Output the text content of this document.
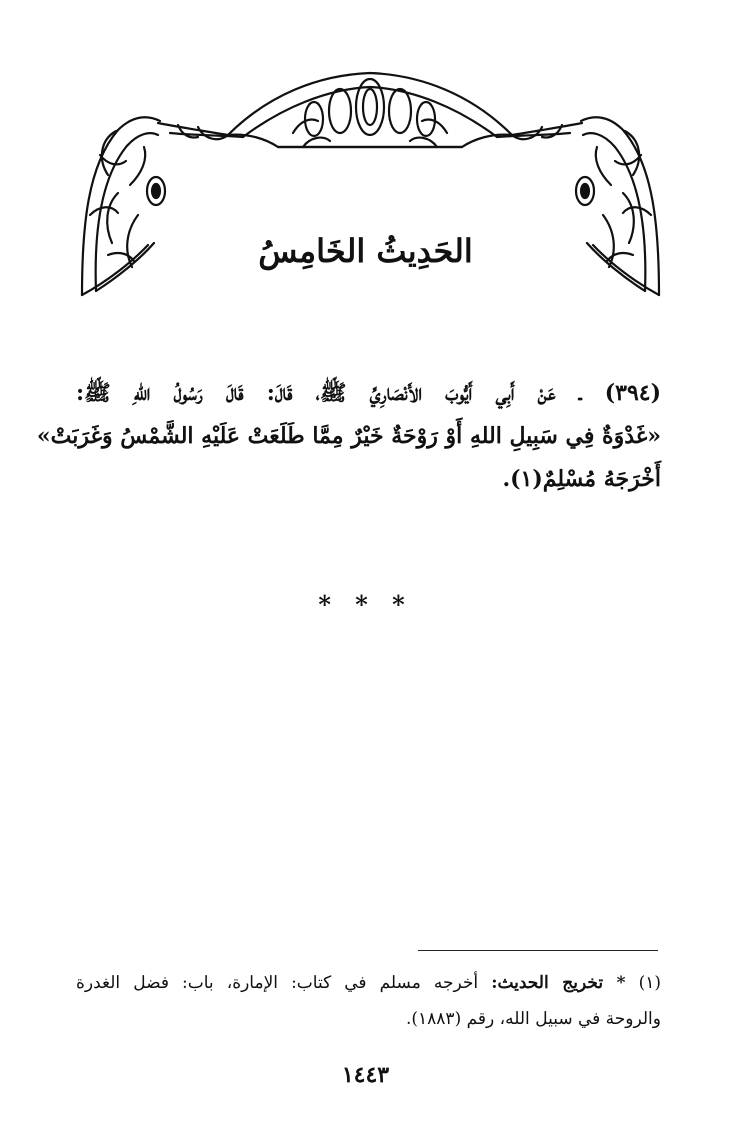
الحَدِيثُ الخَامِسُ
(٣٩٤) ـ عَنْ أَبِي أَيُّوبَ الأَنْصَارِيِّ ﷺ، قَالَ: قَالَ رَسُولُ اللهِ ﷺ:
«غَدْوَةٌ فِي سَبِيلِ اللهِ أَوْ رَوْحَةٌ خَيْرٌ مِمَّا طَلَعَتْ عَلَيْهِ الشَّمْسُ وَغَرَبَتْ»
أَخْرَجَهُ مُسْلِمٌ(١).
* * *
(١) * تخريج الحديث: أخرجه مسلم في كتاب: الإمارة، باب: فضل الغدرة
والروحة في سبيل الله، رقم (١٨٨٣).
١٤٤٣
